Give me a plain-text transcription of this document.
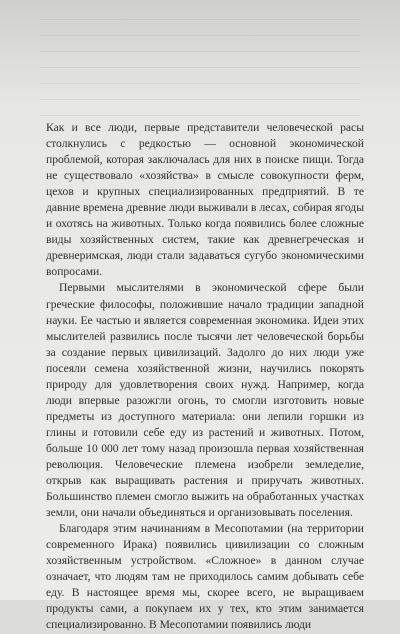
Как и все люди, первые представители человеческой расы столкнулись с редкостью — основной экономической проблемой, которая заключалась для них в поиске пищи. Тогда не существовало «хозяйства» в смысле совокупности ферм, цехов и крупных специализированных предприятий. В те давние времена древние люди выживали в лесах, собирая ягоды и охотясь на животных. Только когда появились более сложные виды хозяйственных систем, такие как древнегреческая и древнеримская, люди стали задаваться сугубо экономическими вопросами.

Первыми мыслителями в экономической сфере были греческие философы, положившие начало традиции западной науки. Ее частью и является современная экономика. Идеи этих мыслителей развились после тысячи лет человеческой борьбы за создание первых цивилизаций. Задолго до них люди уже посеяли семена хозяйственной жизни, научились покорять природу для удовлетворения своих нужд. Например, когда люди впервые разожгли огонь, то смогли изготовить новые предметы из доступного материала: они лепили горшки из глины и готовили себе еду из растений и животных. Потом, больше 10 000 лет тому назад произошла первая хозяйственная революция. Человеческие племена изобрели земледелие, открыв как выращивать растения и приручать животных. Большинство племен смогло выжить на обработанных участках земли, они начали объединяться и организовывать поселения.

Благодаря этим начинаниям в Месопотамии (на территории современного Ирака) появились цивилизации со сложным хозяйственным устройством. «Сложное» в данном случае означает, что людям там не приходилось самим добывать себе еду. В настоящее время мы, скорее всего, не выращиваем продукты сами, а покупаем их у тех, кто этим занимается специализированно. В Месопотамии появились люди
